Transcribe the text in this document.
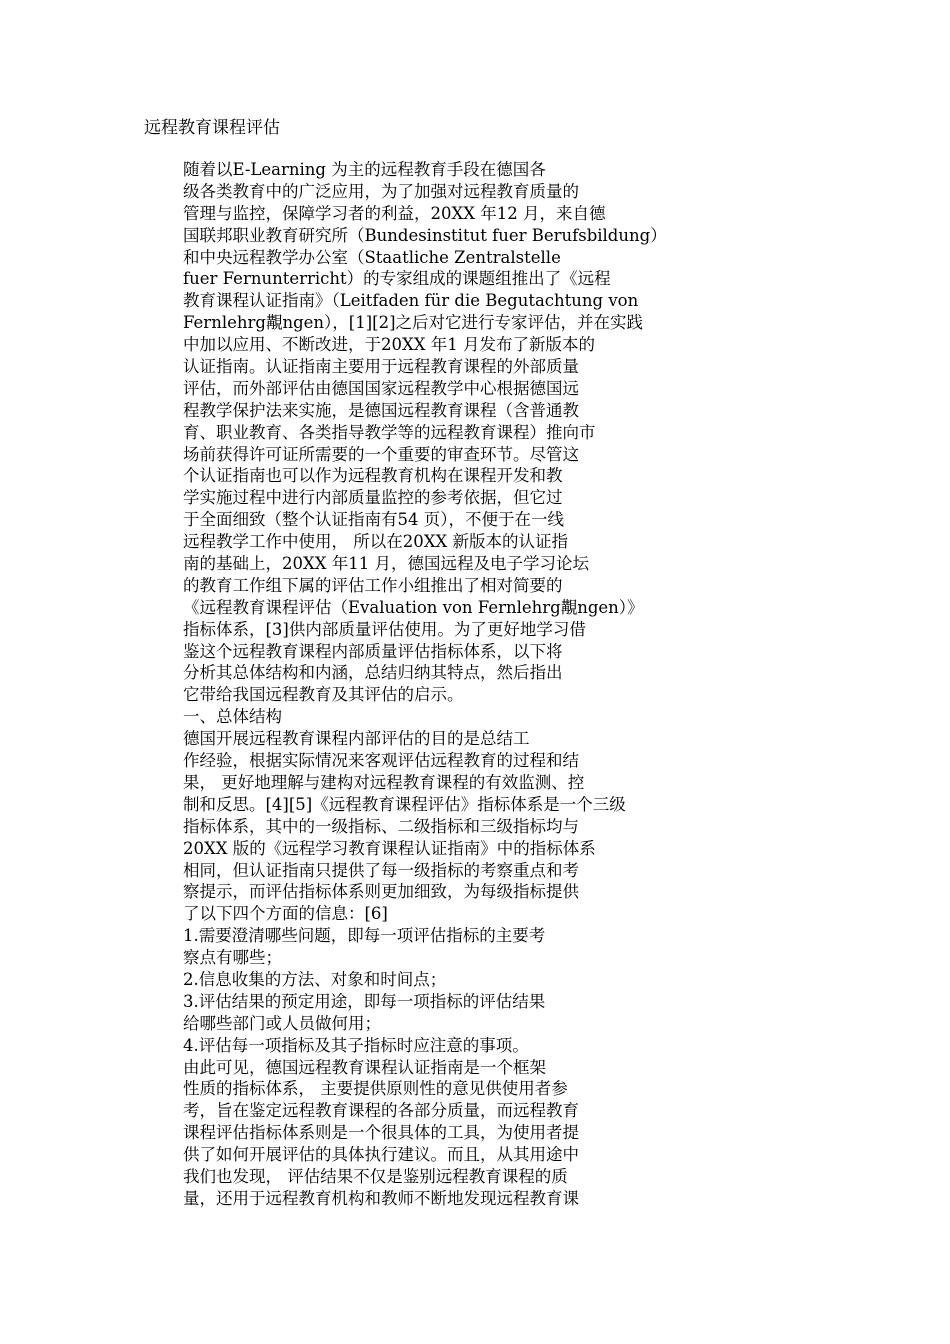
远程教育课程评估
随着以E-Learning 为主的远程教育手段在德国各
级各类教育中的广泛应用，为了加强对远程教育质量的
管理与监控，保障学习者的利益，20XX 年12 月，来自德
国联邦职业教育研究所（Bundesinstitut fuer Berufsbildung）
和中央远程教学办公室（Staatliche Zentralstelle
fuer Fernunterricht）的专家组成的课题组推出了《远程
教育课程认证指南》（Leitfaden für die Begutachtung von
Fernlehrg覯ngen），[1][2]之后对它进行专家评估，并在实践
中加以应用、不断改进，于20XX 年1 月发布了新版本的
认证指南。认证指南主要用于远程教育课程的外部质量
评估，而外部评估由德国国家远程教学中心根据德国远
程教学保护法来实施，是德国远程教育课程（含普通教
育、职业教育、各类指导教学等的远程教育课程）推向市
场前获得许可证所需要的一个重要的审查环节。尽管这
个认证指南也可以作为远程教育机构在课程开发和教
学实施过程中进行内部质量监控的参考依据，但它过
于全面细致（整个认证指南有54 页），不便于在一线
远程教学工作中使用， 所以在20XX 新版本的认证指
南的基础上，20XX 年11 月，德国远程及电子学习论坛
的教育工作组下属的评估工作小组推出了相对简要的
《远程教育课程评估（Evaluation von Fernlehrg覯ngen）》
指标体系，[3]供内部质量评估使用。为了更好地学习借
鉴这个远程教育课程内部质量评估指标体系，以下将
分析其总体结构和内涵，总结归纳其特点，然后指出
它带给我国远程教育及其评估的启示。
一、总体结构
德国开展远程教育课程内部评估的目的是总结工
作经验，根据实际情况来客观评估远程教育的过程和结
果， 更好地理解与建构对远程教育课程的有效监测、控
制和反思。[4][5]《远程教育课程评估》指标体系是一个三级
指标体系，其中的一级指标、二级指标和三级指标均与
20XX 版的《远程学习教育课程认证指南》中的指标体系
相同，但认证指南只提供了每一级指标的考察重点和考
察提示，而评估指标体系则更加细致，为每级指标提供
了以下四个方面的信息：[6]
1.需要澄清哪些问题，即每一项评估指标的主要考
察点有哪些；
2.信息收集的方法、对象和时间点；
3.评估结果的预定用途，即每一项指标的评估结果
给哪些部门或人员做何用；
4.评估每一项指标及其子指标时应注意的事项。
由此可见，德国远程教育课程认证指南是一个框架
性质的指标体系， 主要提供原则性的意见供使用者参
考，旨在鉴定远程教育课程的各部分质量，而远程教育
课程评估指标体系则是一个很具体的工具，为使用者提
供了如何开展评估的具体执行建议。而且，从其用途中
我们也发现， 评估结果不仅是鉴别远程教育课程的质
量，还用于远程教育机构和教师不断地发现远程教育课
